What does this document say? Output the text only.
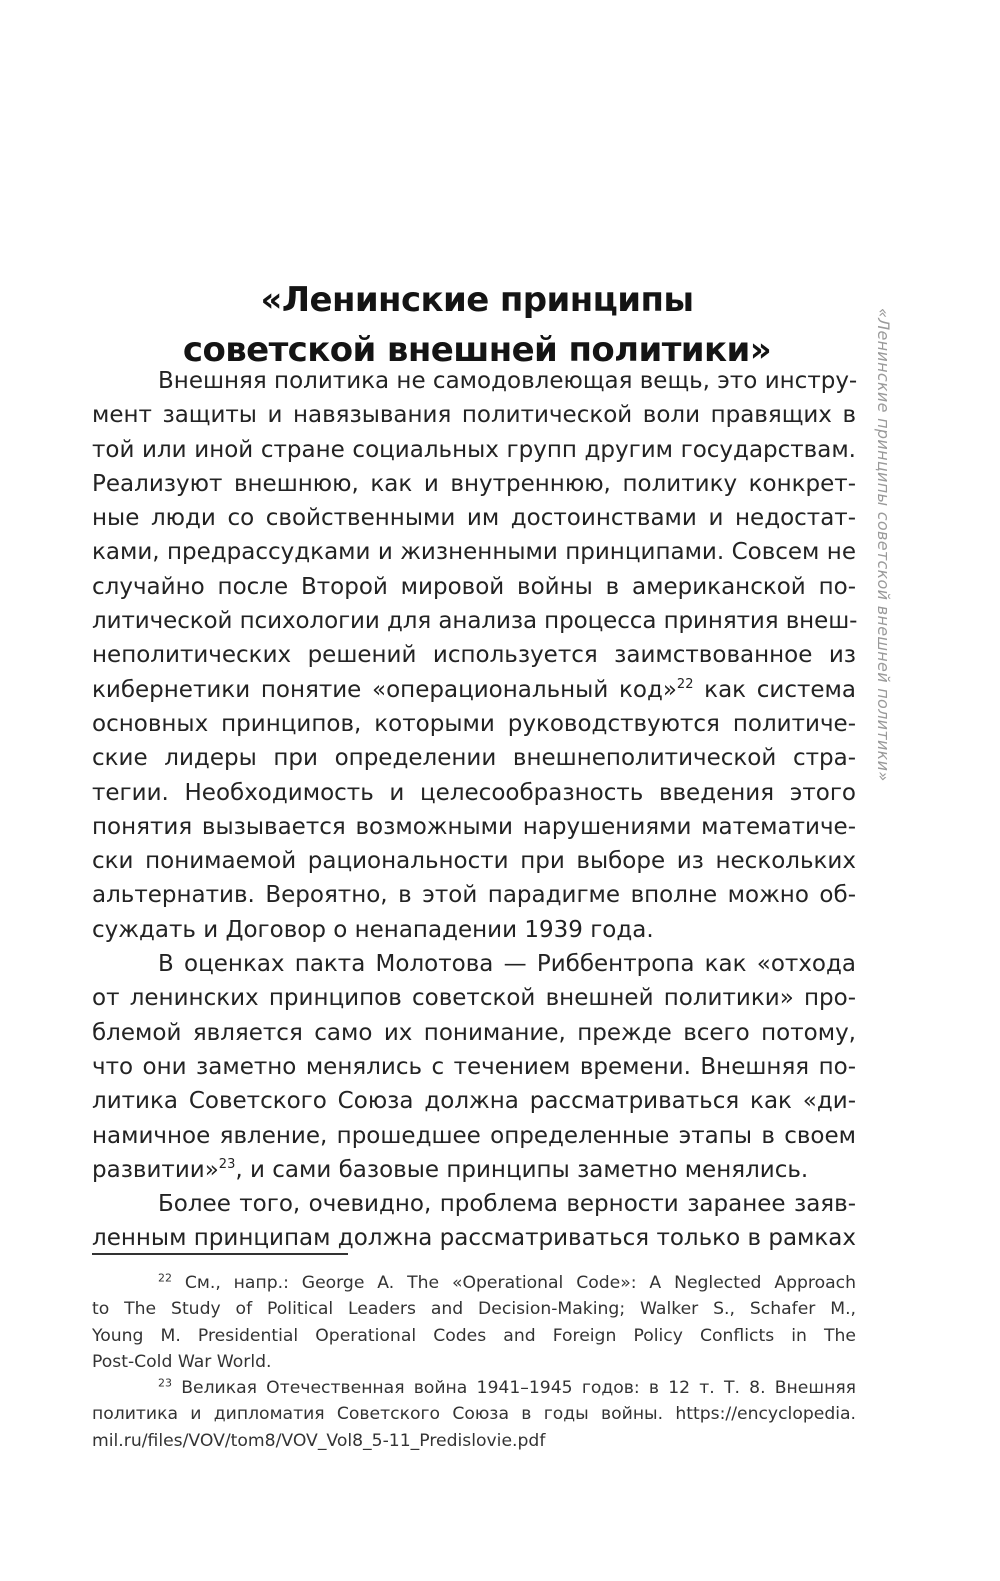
«Ленинские принципы советской внешней политики»
«Ленинские принципы
советской внешней политики»
Внешняя политика не самодовлеющая вещь, это инстру-
мент защиты и навязывания политической воли правящих в
той или иной стране социальных групп другим государствам.
Реализуют внешнюю, как и внутреннюю, политику конкрет-
ные люди со свойственными им достоинствами и недостат-
ками, предрассудками и жизненными принципами. Совсем не
случайно после Второй мировой войны в американской по-
литической психологии для анализа процесса принятия внеш-
неполитических решений используется заимствованное из
кибернетики понятие «операциональный код»$^{22}$ как система
основных принципов, которыми руководствуются политиче-
ские лидеры при определении внешнеполитической стра-
тегии. Необходимость и целесообразность введения этого
понятия вызывается возможными нарушениями математиче-
ски понимаемой рациональности при выборе из нескольких
альтернатив. Вероятно, в этой парадигме вполне можно об-
суждать и Договор о ненападении 1939 года.
В оценках пакта Молотова — Риббентропа как «отхода
от ленинских принципов советской внешней политики» про-
блемой является само их понимание, прежде всего потому,
что они заметно менялись с течением времени. Внешняя по-
литика Советского Союза должна рассматриваться как «ди-
намичное явление, прошедшее определенные этапы в своем
развитии»$^{23}$, и сами базовые принципы заметно менялись.
Более того, очевидно, проблема верности заранее заяв-
ленным принципам должна рассматриваться только в рамках
$^{22}$ См., напр.: George A. The «Operational Code»: A Neglected Approach
to The Study of Political Leaders and Decision-Making; Walker S., Schafer M.,
Young M. Presidential Operational Codes and Foreign Policy Conflicts in The
Post-Cold War World.
$^{23}$ Великая Отечественная война 1941–1945 годов: в 12 т. Т. 8. Внешняя
политика и дипломатия Советского Союза в годы войны. https://encyclopedia.
mil.ru/files/VOV/tom8/VOV_Vol8_5-11_Predislovie.pdf
